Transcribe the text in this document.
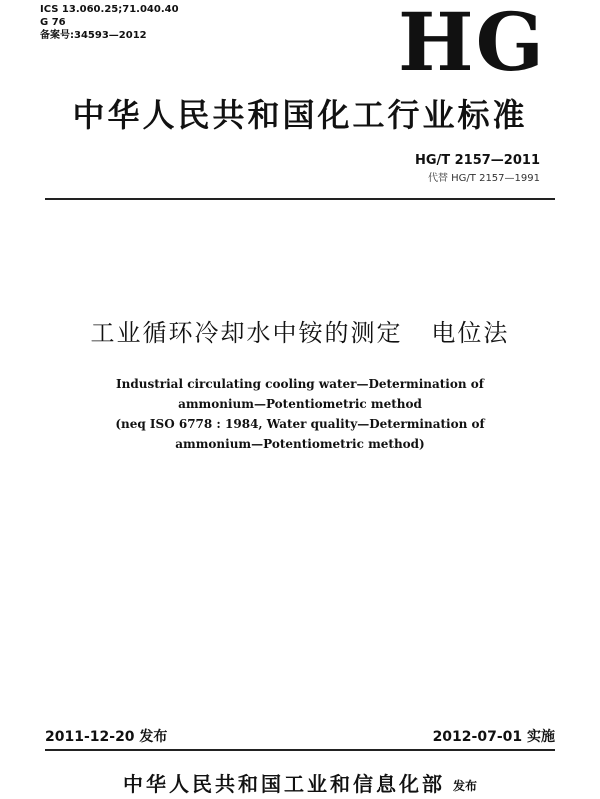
ICS 13.060.25;71.040.40
G 76
备案号:34593—2012	HG
中华人民共和国化工行业标准
HG/T 2157—2011
代替 HG/T 2157—1991
工业循环冷却水中铵的测定   电位法
Industrial circulating cooling water—Determination of
ammonium—Potentiometric method
(neq ISO 6778 : 1984, Water quality—Determination of
ammonium—Potentiometric method)
2011-12-20 发布	2012-07-01 实施
中华人民共和国工业和信息化部 发布
